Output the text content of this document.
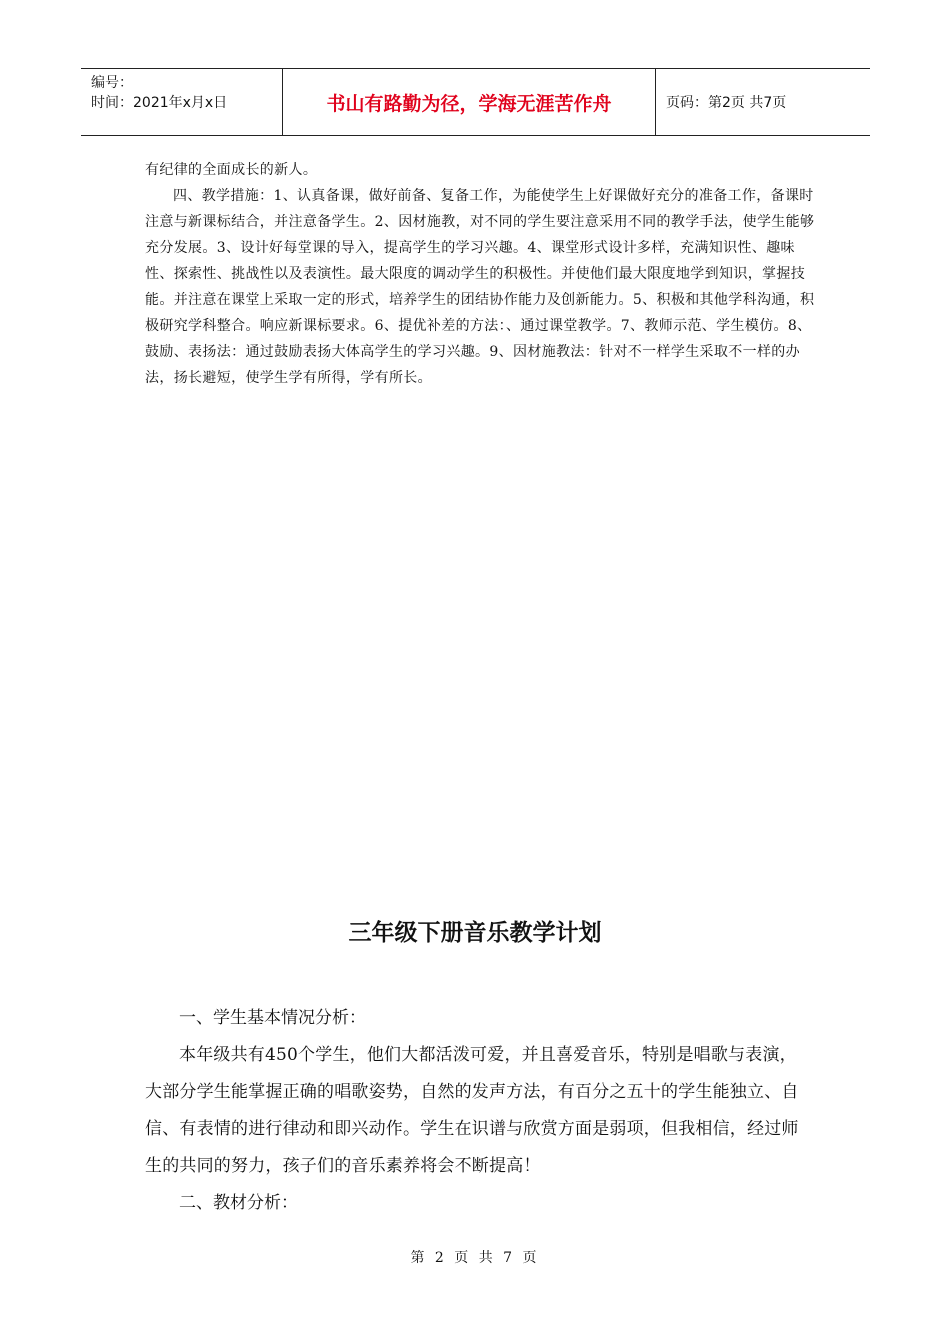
编号：
时间：2021年x月x日	书山有路勤为径，学海无涯苦作舟	页码：第2页 共7页

有纪律的全面成长的新人。

四、教学措施：1、认真备课，做好前备、复备工作，为能使学生上好课做好充分的准备工作，备课时注意与新课标结合，并注意备学生。2、因材施教，对不同的学生要注意采用不同的教学手法，使学生能够充分发展。3、设计好每堂课的导入，提高学生的学习兴趣。4、课堂形式设计多样，充满知识性、趣味性、探索性、挑战性以及表演性。最大限度的调动学生的积极性。并使他们最大限度地学到知识，掌握技能。并注意在课堂上采取一定的形式，培养学生的团结协作能力及创新能力。5、积极和其他学科沟通，积极研究学科整合。响应新课标要求。6、提优补差的方法：、通过课堂教学。7、教师示范、学生模仿。8、鼓励、表扬法：通过鼓励表扬大体高学生的学习兴趣。9、因材施教法：针对不一样学生采取不一样的办法，扬长避短，使学生学有所得，学有所长。

三年级下册音乐教学计划

一、学生基本情况分析：

本年级共有450个学生，他们大都活泼可爱，并且喜爱音乐，特别是唱歌与表演，大部分学生能掌握正确的唱歌姿势，自然的发声方法，有百分之五十的学生能独立、自信、有表情的进行律动和即兴动作。学生在识谱与欣赏方面是弱项，但我相信，经过师生的共同的努力，孩子们的音乐素养将会不断提高！

二、教材分析：

第 2 页 共 7 页
